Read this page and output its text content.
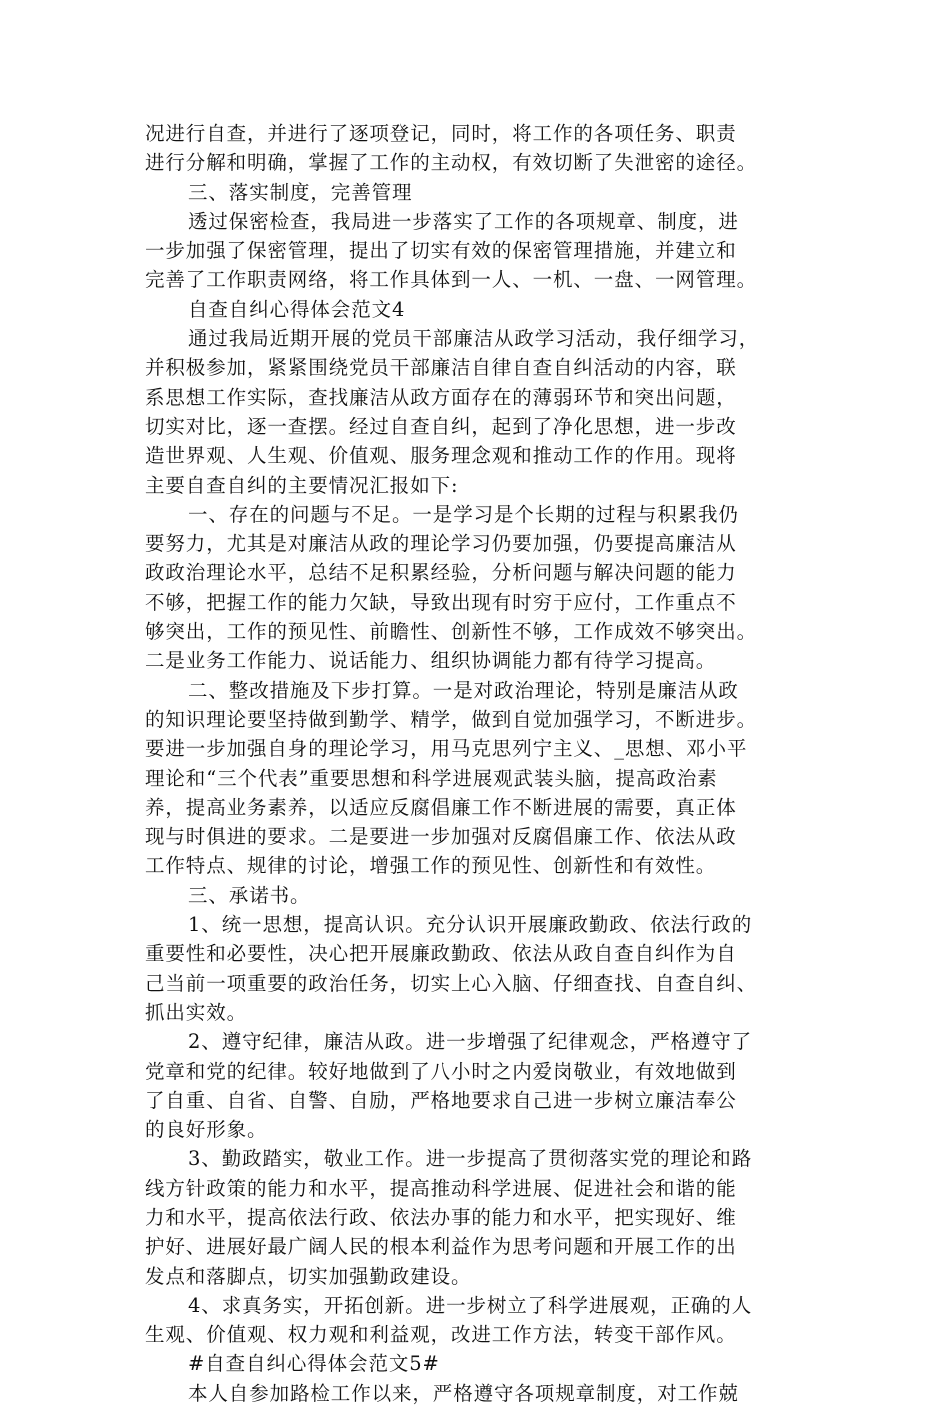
况进行自查，并进行了逐项登记，同时，将工作的各项任务、职责
进行分解和明确，掌握了工作的主动权，有效切断了失泄密的途径。
三、落实制度，完善管理
透过保密检查，我局进一步落实了工作的各项规章、制度，进
一步加强了保密管理，提出了切实有效的保密管理措施，并建立和
完善了工作职责网络，将工作具体到一人、一机、一盘、一网管理。
自查自纠心得体会范文4
通过我局近期开展的党员干部廉洁从政学习活动，我仔细学习，
并积极参加，紧紧围绕党员干部廉洁自律自查自纠活动的内容，联
系思想工作实际，查找廉洁从政方面存在的薄弱环节和突出问题，
切实对比，逐一查摆。经过自查自纠，起到了净化思想，进一步改
造世界观、人生观、价值观、服务理念观和推动工作的作用。现将
主要自查自纠的主要情况汇报如下:
一、存在的问题与不足。一是学习是个长期的过程与积累我仍
要努力，尤其是对廉洁从政的理论学习仍要加强，仍要提高廉洁从
政政治理论水平，总结不足积累经验，分析问题与解决问题的能力
不够，把握工作的能力欠缺，导致出现有时穷于应付，工作重点不
够突出，工作的预见性、前瞻性、创新性不够，工作成效不够突出。
二是业务工作能力、说话能力、组织协调能力都有待学习提高。
二、整改措施及下步打算。一是对政治理论，特别是廉洁从政
的知识理论要坚持做到勤学、精学，做到自觉加强学习，不断进步。
要进一步加强自身的理论学习，用马克思列宁主义、_思想、邓小平
理论和“三个代表”重要思想和科学进展观武装头脑，提高政治素
养，提高业务素养，以适应反腐倡廉工作不断进展的需要，真正体
现与时俱进的要求。二是要进一步加强对反腐倡廉工作、依法从政
工作特点、规律的讨论，增强工作的预见性、创新性和有效性。
三、承诺书。
1、统一思想，提高认识。充分认识开展廉政勤政、依法行政的
重要性和必要性，决心把开展廉政勤政、依法从政自查自纠作为自
己当前一项重要的政治任务，切实上心入脑、仔细查找、自查自纠、
抓出实效。
2、遵守纪律，廉洁从政。进一步增强了纪律观念，严格遵守了
党章和党的纪律。较好地做到了八小时之内爱岗敬业，有效地做到
了自重、自省、自警、自励，严格地要求自己进一步树立廉洁奉公
的良好形象。
3、勤政踏实，敬业工作。进一步提高了贯彻落实党的理论和路
线方针政策的能力和水平，提高推动科学进展、促进社会和谐的能
力和水平，提高依法行政、依法办事的能力和水平，把实现好、维
护好、进展好最广阔人民的根本利益作为思考问题和开展工作的出
发点和落脚点，切实加强勤政建设。
4、求真务实，开拓创新。进一步树立了科学进展观，正确的人
生观、价值观、权力观和利益观，改进工作方法，转变干部作风。
#自查自纠心得体会范文5#
本人自参加路检工作以来，严格遵守各项规章制度，对工作兢
